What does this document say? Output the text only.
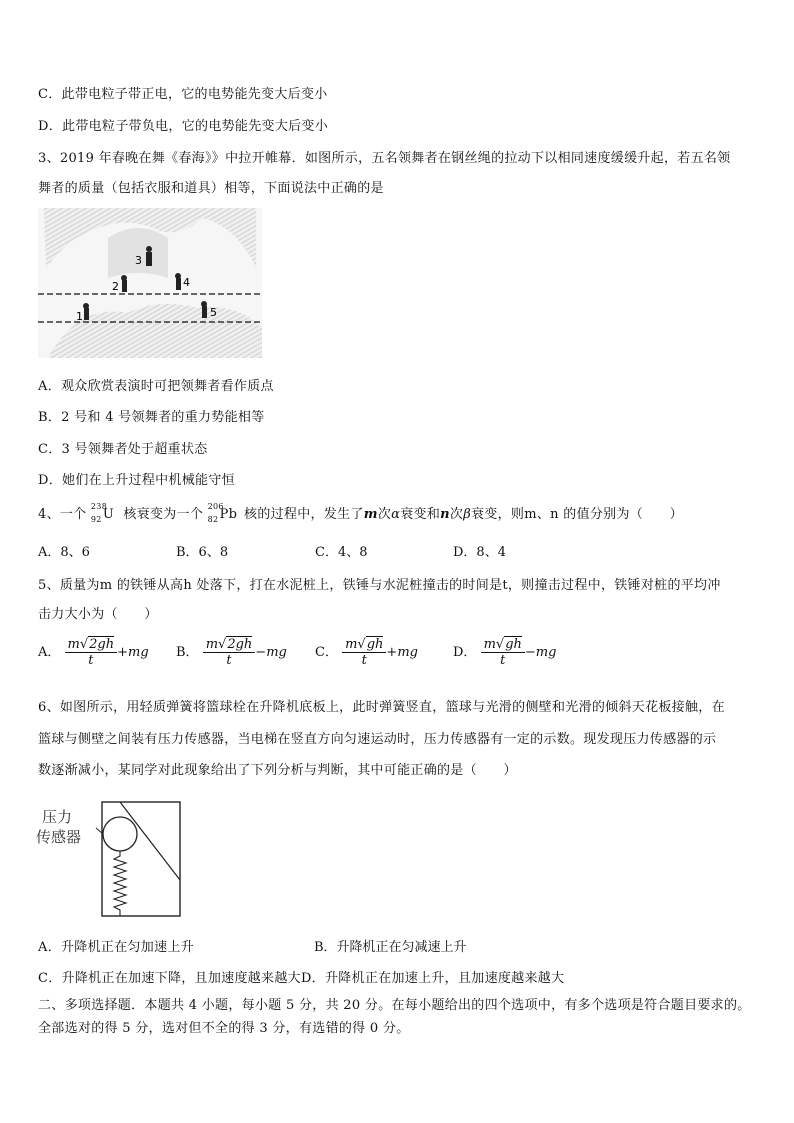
C．此带电粒子带正电，它的电势能先变大后变小
D．此带电粒子带负电，它的电势能先变大后变小
3、2019 年春晚在舞《春海》》中拉开帷幕．如图所示，五名领舞者在钢丝绳的拉动下以相同速度缓缓升起，若五名领
舞者的质量（包括衣服和道具）相等，下面说法中正确的是
1
2
3
4
5
A．观众欣赏表演时可把领舞者看作质点
B．2 号和 4 号领舞者的重力势能相等
C．3 号领舞者处于超重状态
D．她们在上升过程中机械能守恒
4、一个
238
92 U 核衰变为一个
206
82 Pb 核的过程中，发生了m次α衰变和n次β衰变，则m、n 的值分别为（　　）
A．8、6	B．6、8	C．4、8	D．8、4
5、质量为m 的铁锤从高h 处落下，打在水泥桩上，铁锤与水泥桩撞击的时间是t，则撞击过程中，铁锤对桩的平均冲
击力大小为（　　）
A． $\frac{m√2gh}{t} +mg$ B． $\frac{m√2gh}{t} -mg$ C． $\frac{m√gh}{t} +mg$	D． $\frac{m√gh}{t} -mg$
6、如图所示，用轻质弹簧将篮球栓在升降机底板上，此时弹簧竖直，篮球与光滑的侧壁和光滑的倾斜天花板接触，在
篮球与侧壁之间装有压力传感器，当电梯在竖直方向匀速运动时，压力传感器有一定的示数。现发现压力传感器的示
数逐渐减小，某同学对此现象给出了下列分析与判断，其中可能正确的是（　　）
压力
传感器
A．升降机正在匀加速上升	B．升降机正在匀减速上升
C．升降机正在加速下降，且加速度越来越大D．升降机正在加速上升，且加速度越来越大
二、多项选择题．本题共 4 小题，每小题 5 分，共 20 分。在每小题给出的四个选项中，有多个选项是符合题目要求的。
全部选对的得 5 分，选对但不全的得 3 分，有选错的得 0 分。
